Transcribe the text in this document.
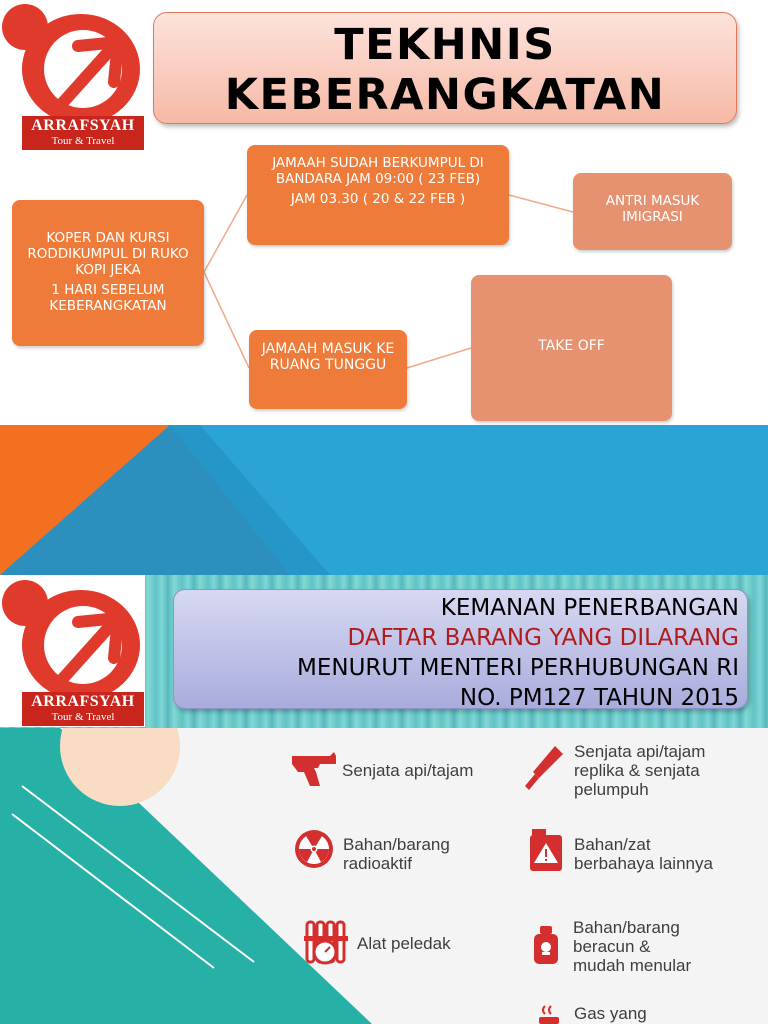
ARRAFSYAH
Tour & Travel
TEKHNIS
KEBERANGKATAN

KOPER DAN KURSI RODDIKUMPUL DI RUKO KOPI JEKA

1 HARI SEBELUM KEBERANGKATAN

JAMAAH SUDAH BERKUMPUL DI BANDARA JAM 09:00 ( 23 FEB)

JAM 03.30 ( 20 & 22 FEB )	ANTRI MASUK IMIGRASI
JAMAAH MASUK KE RUANG TUNGGU
TAKE OFF
ARRAFSYAH
Tour & Travel
KEMANAN PENERBANGAN
DAFTAR BARANG YANG DILARANG
MENURUT MENTERI PERHUBUNGAN RI
NO. PM127 TAHUN 2015
Senjata api/tajam
Senjata api/tajam
replika & senjata
pelumpuh
Bahan/barang
radioaktif
Bahan/zat
berbahaya lainnya
Alat peledak
Bahan/barang
beracun &
mudah menular
Gas yang
